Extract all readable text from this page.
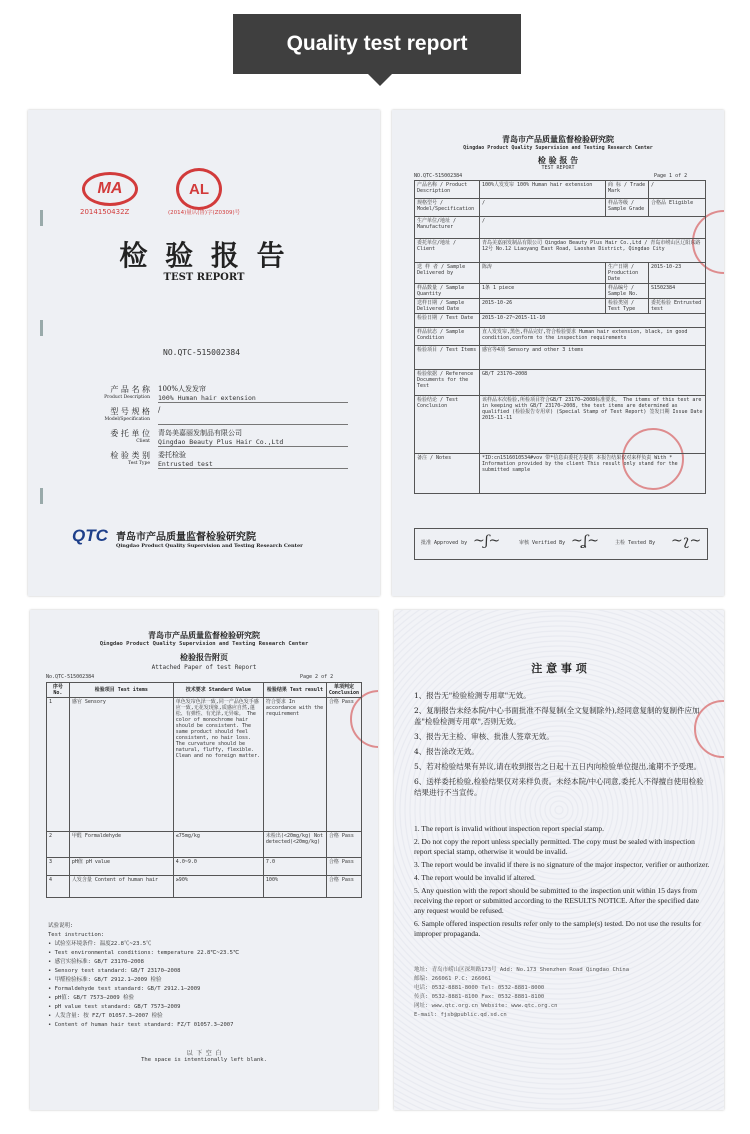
Quality test report
MA
2014150432Z
AL
(2014)量认(鲁)字(Z0309)号
检 验 报 告
TEST REPORT
NO.QTC-515002384
产 品 名 称
Product Description
100%人发发帘
100% Human hair extension
型 号 规 格
Model/Specification
/
委 托 单 位
Client
青岛美嘉丽发制品有限公司
Qingdao Beauty Plus Hair Co.,Ltd
检 验 类 别
Test Type
委托检验
Entrusted test
QTC 青岛市产品质量监督检验研究院
Qingdao Product Quality Supervision and Testing Research Center
青岛市产品质量监督检验研究院
Qingdao Product Quality Supervision and Testing Research Center
检 验 报 告
TEST REPORT
NO.QTC-515002384	Page 1 of 2
产品名称 / Product Description	100%人发发帘 100% Human hair extension	商 标 / Trade Mark	/
规格型号 / Model/Specification	/	样品等级 / Sample Grade	合格品 Eligible
生产单位/地址 / Manufacturer	/		
委托单位/地址 / Client	青岛美嘉丽发制品有限公司 Qingdao Beauty Plus Hair Co.,Ltd / 青岛市崂山区辽阳东路12号 No.12 Liaoyang East Road, Laoshan District, Qingdao City		
送 样 者 / Sample Delivered by	陈涛	生产日期 / Production Date	2015-10-23
样品数量 / Sample Quantity	1条 1 piece	样品编号 / Sample No.	S1502384
送样日期 / Sample Delivered Date	2015-10-26	检验类别 / Test Type	委托检验 Entrusted test
检验日期 / Test Date	2015-10-27~2015-11-10		
样品状态 / Sample Condition	直人发发帘,黑色,样品完好,符合检验要求 Human hair extension, black, in good condition,conform to the inspection requirements		
检验项目 / Test Items	感官等4项 Sensory and other 3 items		
检验依据 / Reference Documents for the Test	GB/T 23170—2008		
检验结论 / Test Conclusion	该样品本次检验,所检项目符合GB/T 23170—2008标准要求。 The items of this test are in keeping with GB/T 23170—2008, the test items are determined as qualified (检验报告专用章) (Special Stamp of Test Report) 签发日期 Issue Date 2015-11-11		
备注 / Notes	*ID:cn1516010534#vov 带*信息由委托方提供 本报告结果仅对来样负责 With * Information provided by the client This result only stand for the submitted sample		
批准 Approved by ~ʃ~	审核 Verified By ~ʆ~	主检 Tested By ~ʅ~
青岛市产品质量监督检验研究院
Qingdao Product Quality Supervision and Testing Research Center
检验报告附页
Attached Paper of test Report
No.QTC-515002384	Page 2 of 2
序号 No.	检验项目 Test items	技术要求 Standard Value	检验结果 Test result	单项判定 Conclusion
1	感官 Sensory	单色发帘色泽一致,同一产品色发手感应一致,无花发现象,质感应自然,蓬松、有弹性、有光泽,无异味。 The color of monochrome hair should be consistent. The same product should feel consistent, no hair loss. The curvature should be natural, fluffy, flexible. Clean and no foreign matter.	符合要求 In accordance with the requirement	合格 Pass
2	甲醛 Formaldehyde	≤75mg/kg	未检出(<20mg/kg) Not detected(<20mg/kg)	合格 Pass
3	pH值 pH value	4.0~9.0	7.0	合格 Pass
4	人发含量 Content of human hair	≥90%	100%	合格 Pass
试验说明:
Test instruction:
• 试验室环境条件: 温度22.8℃~23.5℃
• Test environmental conditions: temperature 22.8℃~23.5℃
• 感官实验标准: GB/T 23170—2008
• Sensory test standard: GB/T 23170—2008
• 甲醛检验标准: GB/T 2912.1—2009 检验
• Formaldehyde test standard: GB/T 2912.1—2009
• pH值: GB/T 7573—2009 检验
• pH value test standard: GB/T 7573—2009
• 人发含量: 按 FZ/T 01057.3—2007 检验
• Content of human hair test standard: FZ/T 01057.3—2007
以 下 空 白
The space is intentionally left blank.
注 意 事 项
1、报告无"检验检测专用章"无效。
2、复制报告未经本院/中心书面批准不得复制(全文复制除外),经同意复制的复制件应加盖"检验检测专用章",否则无效。
3、报告无主检、审核、批准人签章无效。
4、报告涂改无效。
5、若对检验结果有异议,请在收到报告之日起十五日内向检验单位提出,逾期不予受理。
6、送样委托检验,检验结果仅对来样负责。未经本院/中心同意,委托人不得擅自使用检验结果进行不当宣传。
1. The report is invalid without inspection report special stamp.
2. Do not copy the report unless specially permitted. The copy must be sealed with inspection report special stamp, otherwise it would be invalid.
3. The report would be invalid if there is no signature of the major inspector, verifier or authorizer.
4. The report would be invalid if altered.
5. Any question with the report should be submitted to the inspection unit within 15 days from receiving the report or submitted according to the RESULTS NOTICE. After the specified date any request would be refused.
6. Sample offered inspection results refer only to the sample(s) tested. Do not use the results for improper propaganda.
地址: 青岛市崂山区深圳路173号 Add: No.173 Shenzhen Road Qingdao China
邮编: 266061 P.C: 266061
电话: 0532-8881-8000 Tel: 0532-8881-8000
传真: 0532-8881-8100 Fax: 0532-8881-8100
网址: www.qtc.org.cn Website: www.qtc.org.cn
E-mail: fjsb@public.qd.sd.cn
